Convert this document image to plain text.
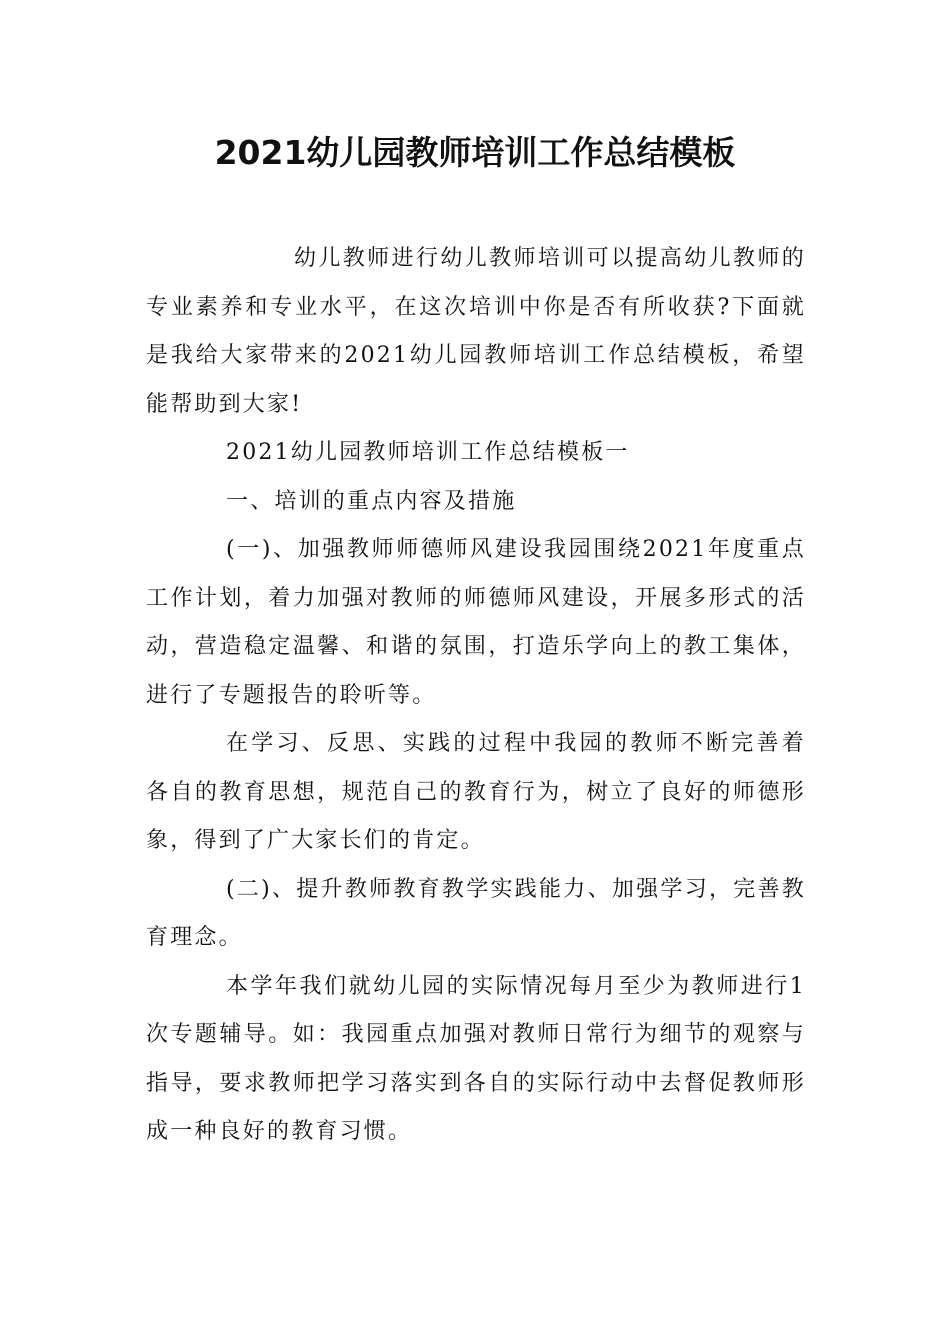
2021幼儿园教师培训工作总结模板

幼儿教师进行幼儿教师培训可以提高幼儿教师的专业素养和专业水平，在这次培训中你是否有所收获?下面就是我给大家带来的2021幼儿园教师培训工作总结模板，希望能帮助到大家!

2021幼儿园教师培训工作总结模板一

一、培训的重点内容及措施

(一)、加强教师师德师风建设我园围绕2021年度重点工作计划，着力加强对教师的师德师风建设，开展多形式的活动，营造稳定温馨、和谐的氛围，打造乐学向上的教工集体，进行了专题报告的聆听等。

在学习、反思、实践的过程中我园的教师不断完善着各自的教育思想，规范自己的教育行为，树立了良好的师德形象，得到了广大家长们的肯定。

(二)、提升教师教育教学实践能力、加强学习，完善教育理念。

本学年我们就幼儿园的实际情况每月至少为教师进行1次专题辅导。如：我园重点加强对教师日常行为细节的观察与指导，要求教师把学习落实到各自的实际行动中去督促教师形成一种良好的教育习惯。
